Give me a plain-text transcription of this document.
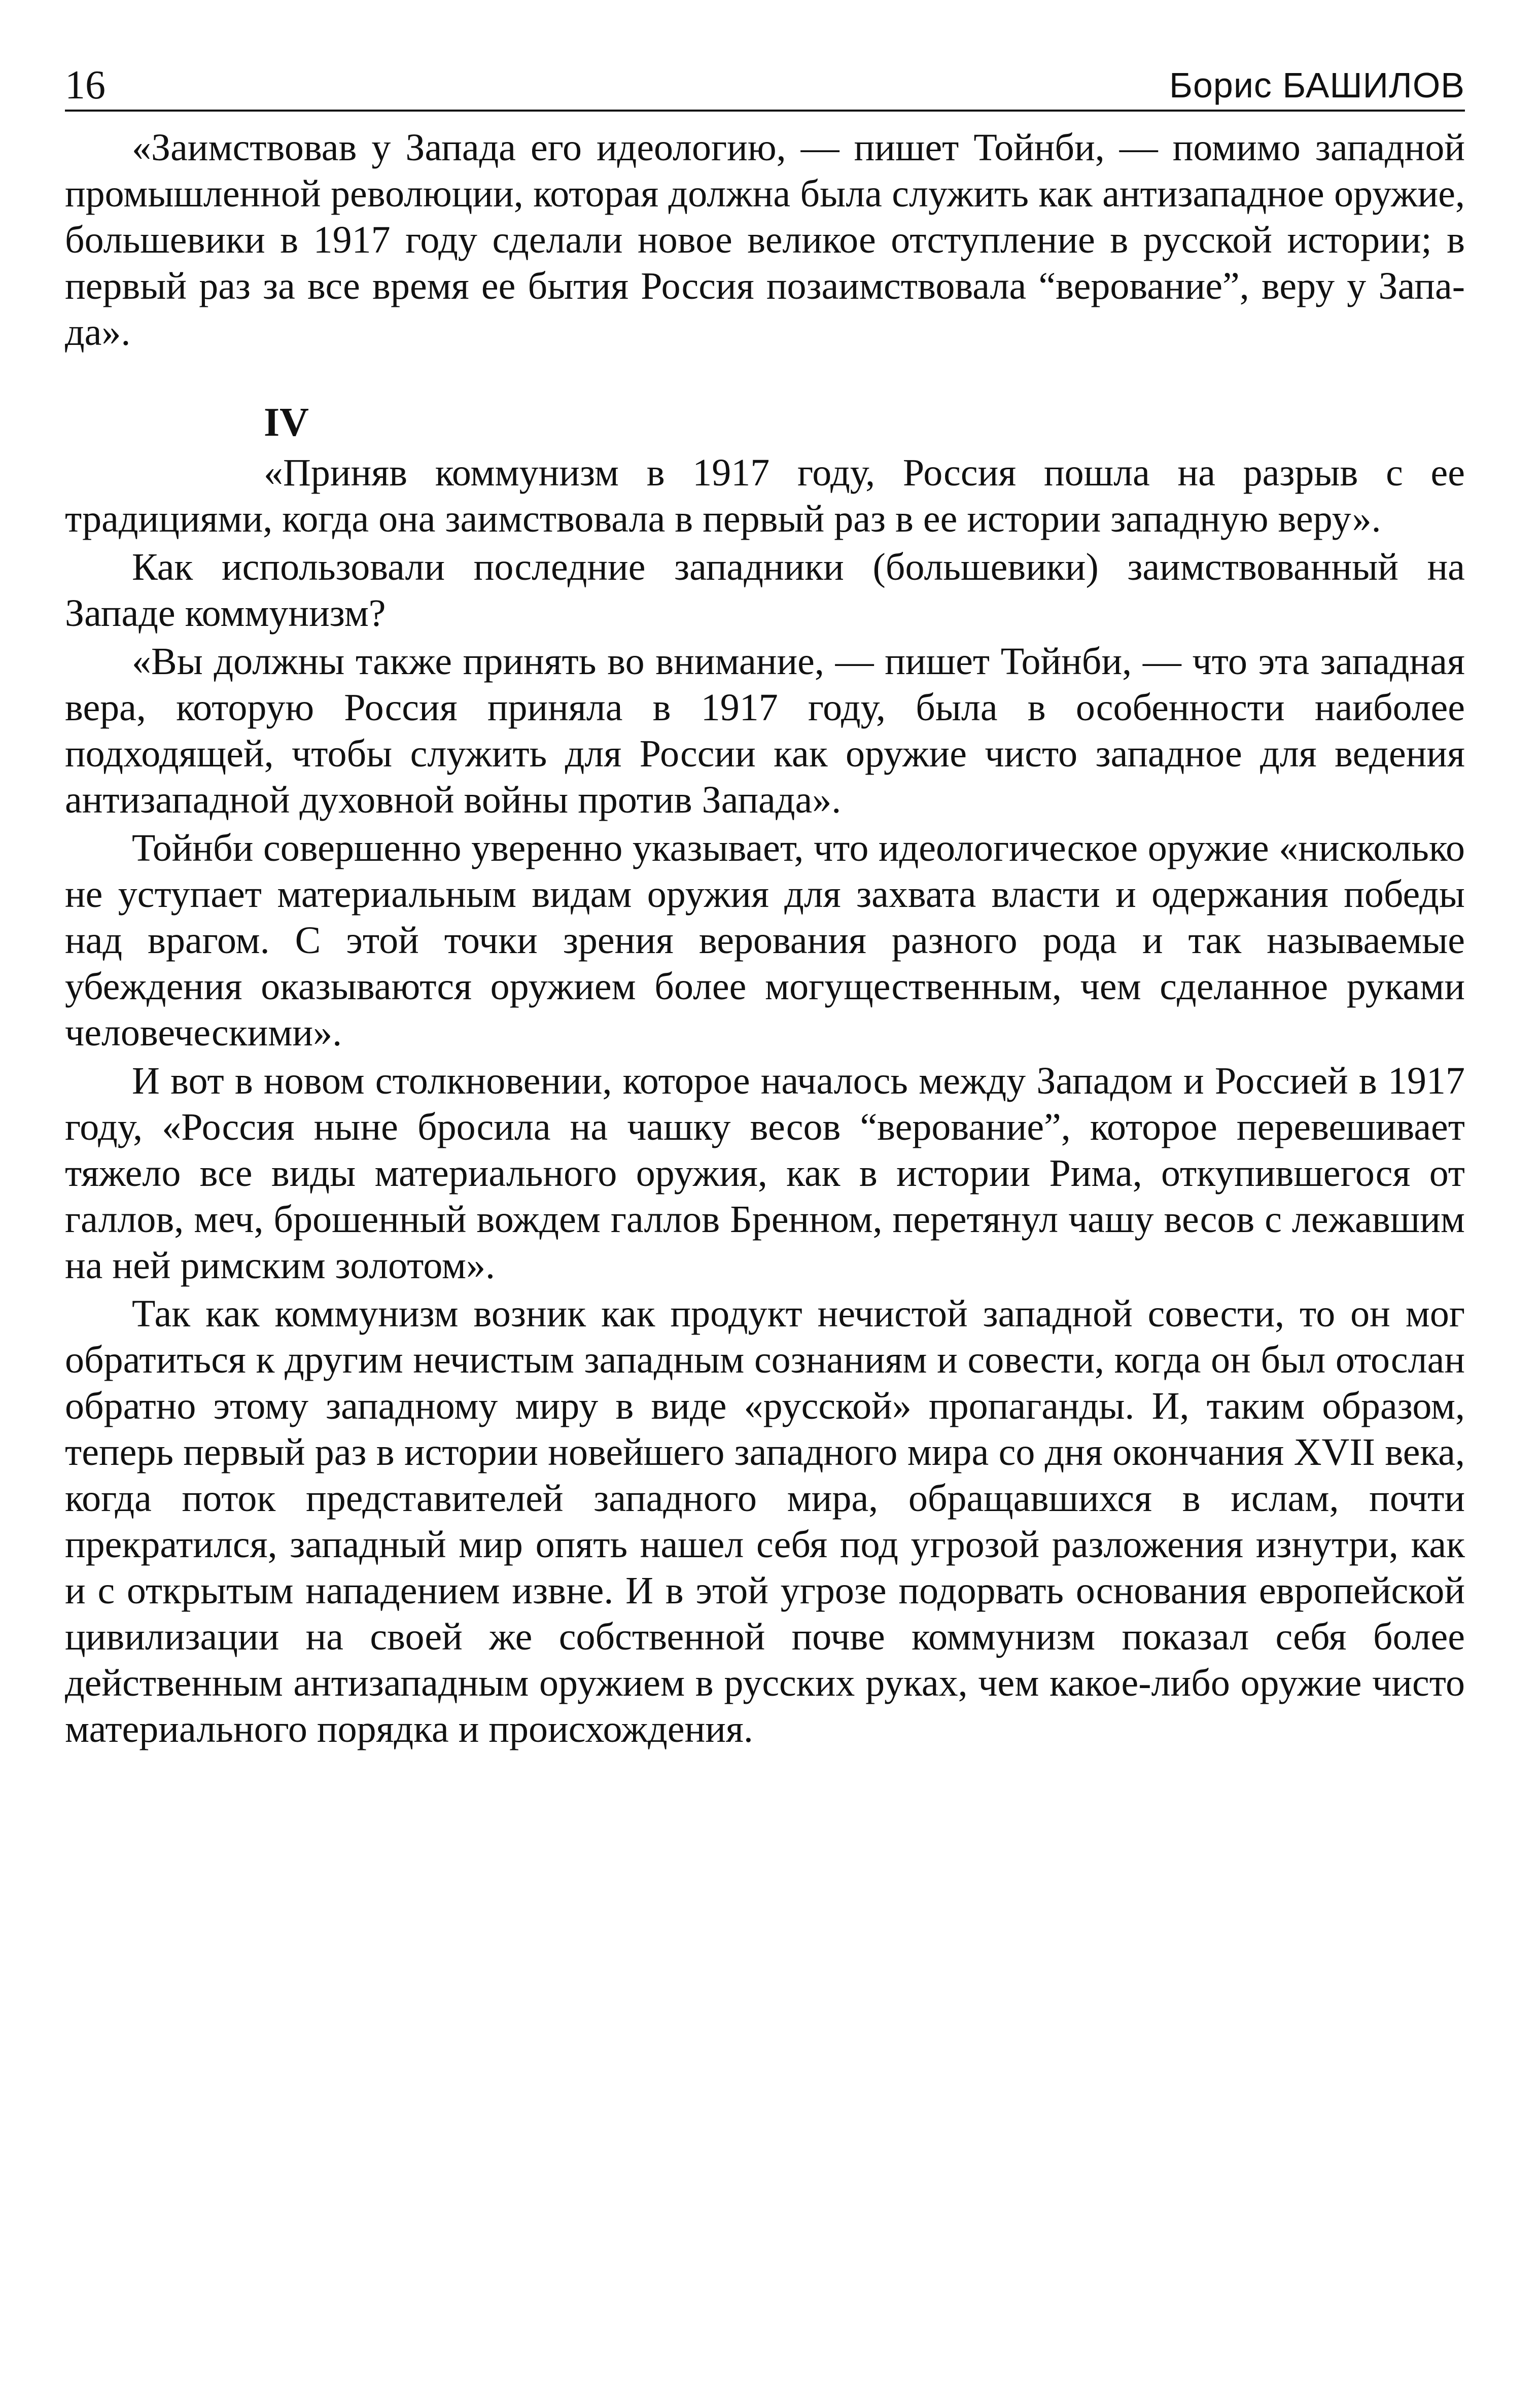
16	Борис БАШИЛОВ

«Заимствовав у Запада его идеологию, — пишет Тойнби, — помимо западной промышленной революции, которая должна была служить как антизападное оружие, большевики в 1917 году сделали новое великое отступление в русской истории; в первый раз за все время ее бытия Россия позаимствовала “верование”, веру у Запада».

IV

«Приняв коммунизм в 1917 году, Россия пошла на разрыв с ее традициями, когда она заимствовала в первый раз в ее истории западную веру».

Как использовали последние западники (большевики) заимствованный на Западе коммунизм?

«Вы должны также принять во внимание, — пишет Тойнби, — что эта западная вера, которую Россия приняла в 1917 году, была в особенности наиболее подходящей, чтобы служить для России как оружие чисто западное для ведения антизападной духовной войны против Запада».

Тойнби совершенно уверенно указывает, что идеологическое оружие «нисколько не уступает материальным видам оружия для захвата власти и одержания победы над врагом. С этой точки зрения верования разного рода и так называемые убеждения оказываются оружием более могущественным, чем сделанное руками человеческими».

И вот в новом столкновении, которое началось между Западом и Россией в 1917 году, «Россия ныне бросила на чашку весов “верование”, которое перевешивает тяжело все виды материального оружия, как в истории Рима, откупившегося от галлов, меч, брошенный вождем галлов Бренном, перетянул чашу весов с лежавшим на ней римским золотом».

Так как коммунизм возник как продукт нечистой западной совести, то он мог обратиться к другим нечистым западным сознаниям и совести, когда он был отослан обратно этому западному миру в виде «русской» пропаганды. И, таким образом, теперь первый раз в истории новейшего западного мира со дня окончания XVII века, когда поток представителей западного мира, обращавшихся в ислам, почти прекратился, западный мир опять нашел себя под угрозой разложения изнутри, как и с открытым нападением извне. И в этой угрозе подорвать основания европейской цивилизации на своей же собственной почве коммунизм показал себя более действенным антизападным оружием в русских руках, чем какое-либо оружие чисто материального порядка и происхождения.
